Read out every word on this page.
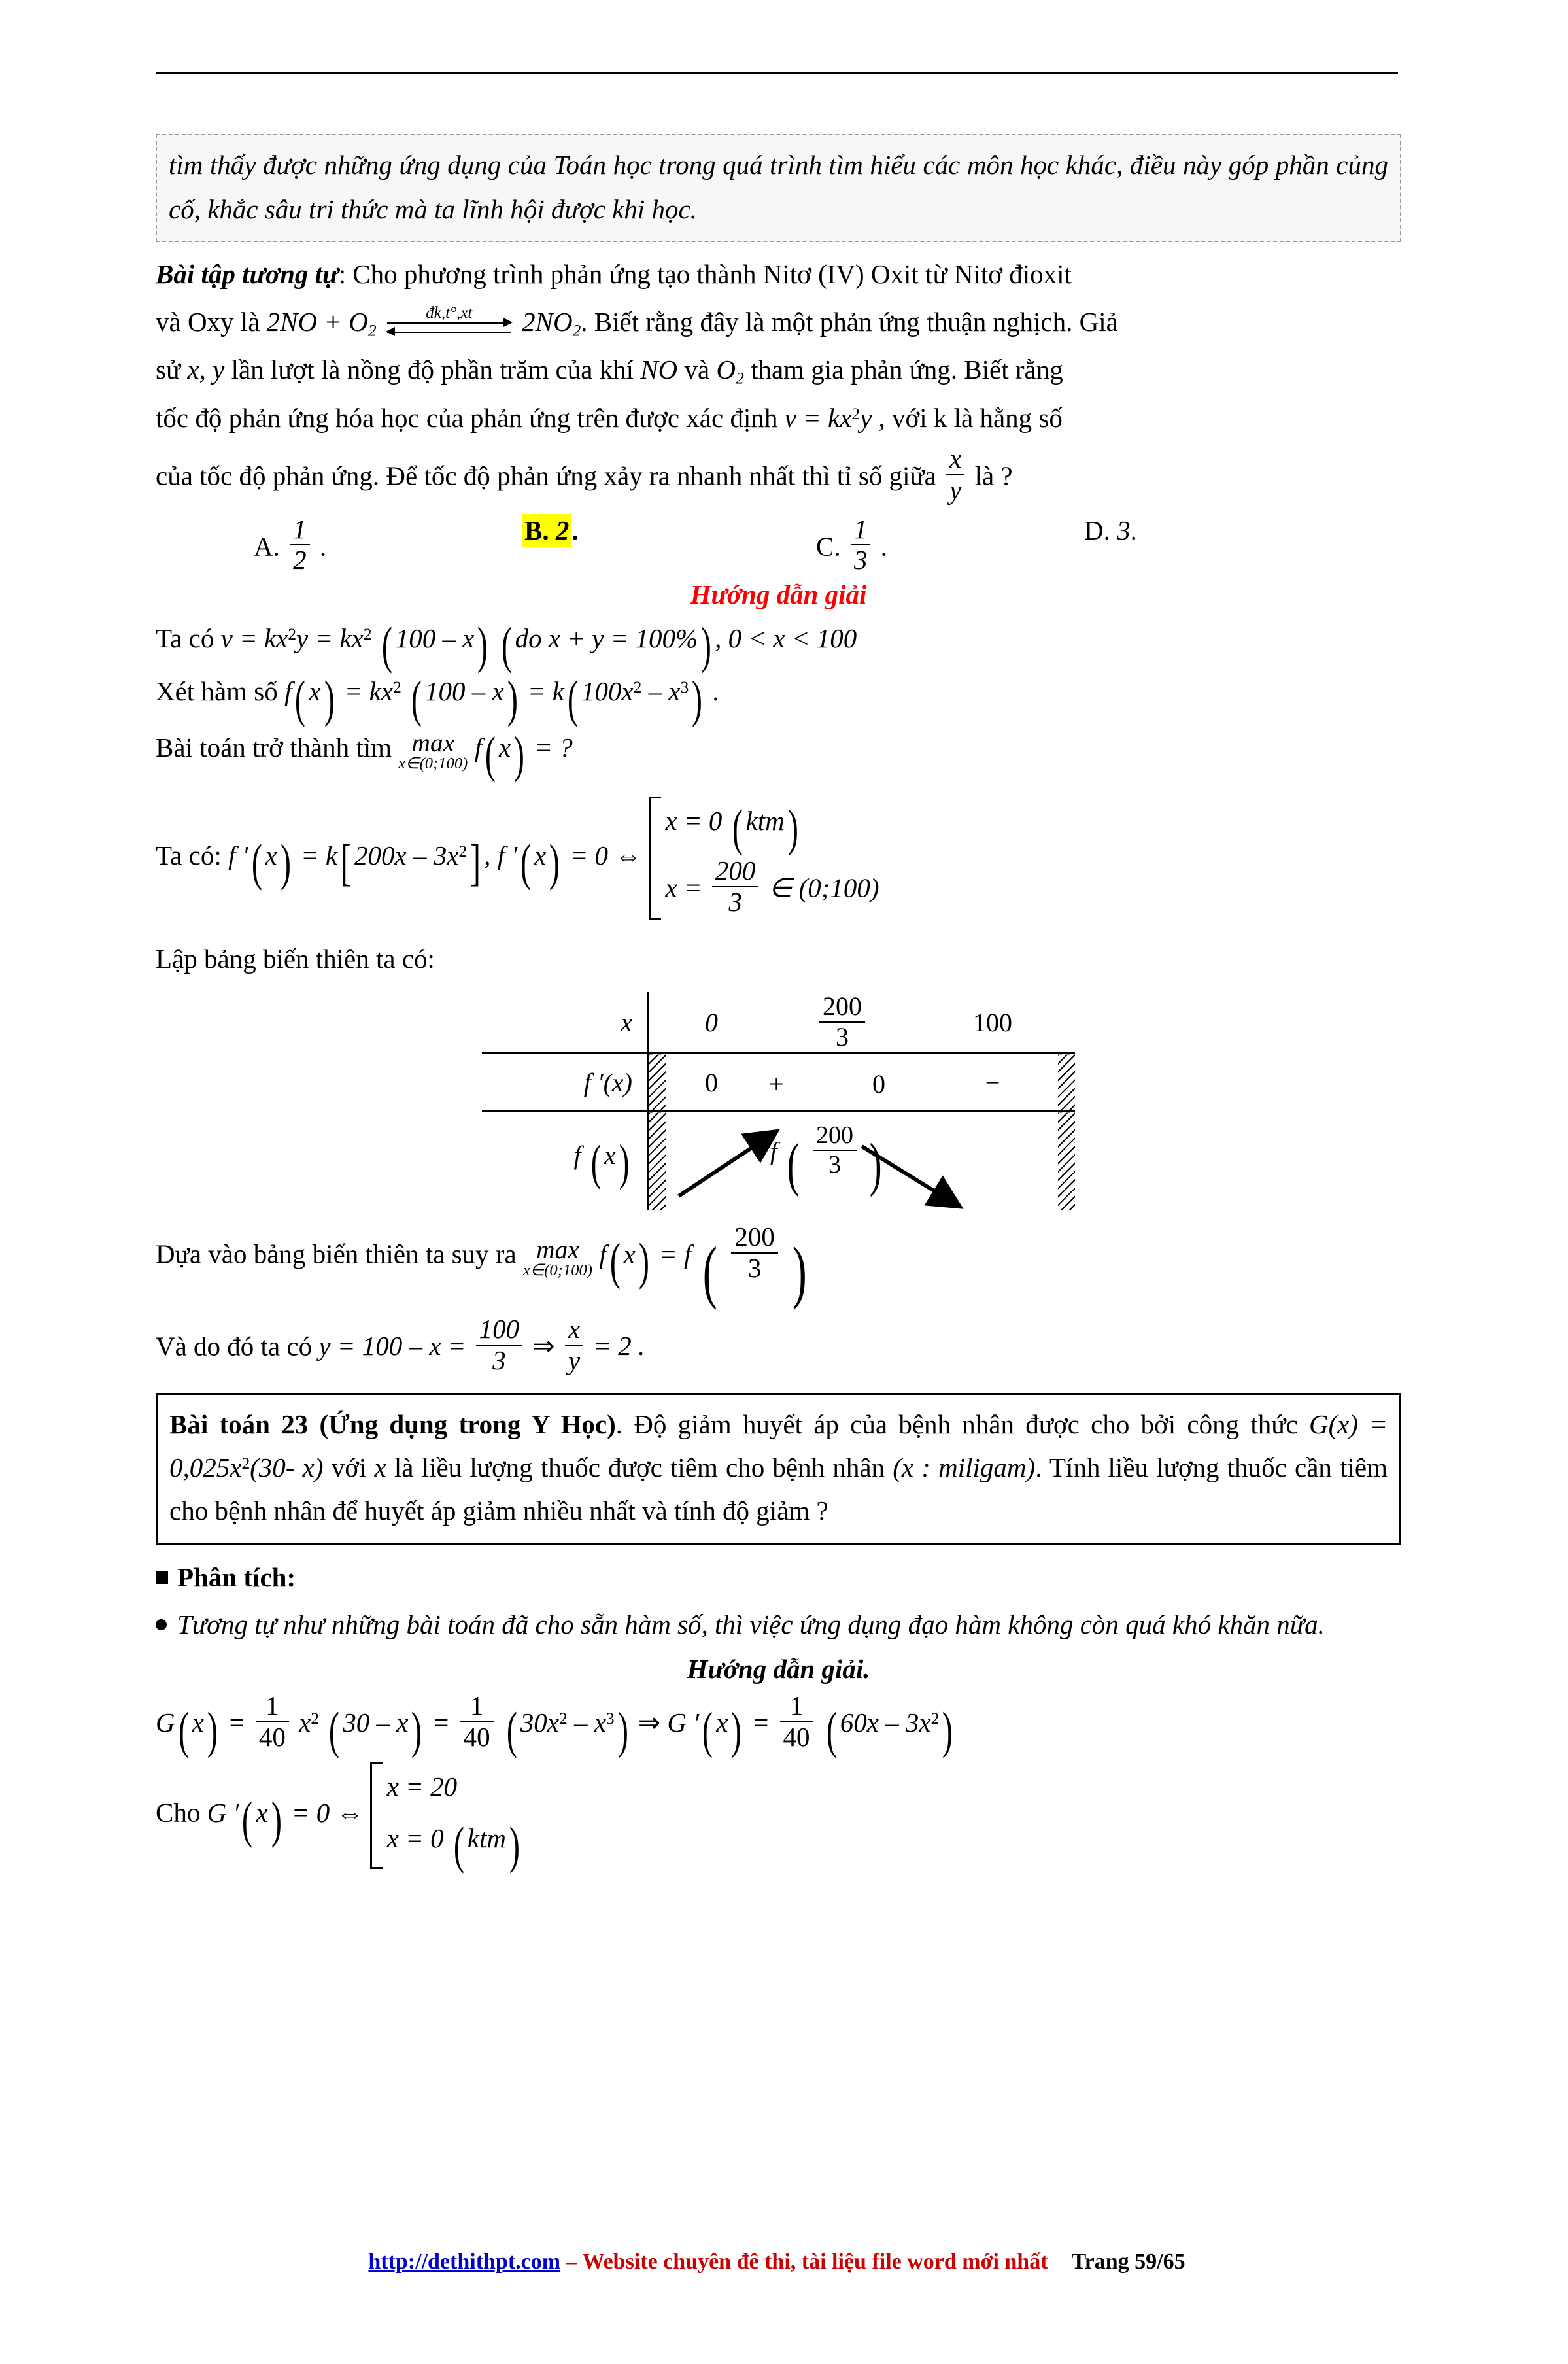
tìm thấy được những ứng dụng của Toán học trong quá trình tìm hiểu các môn học khác, điều này góp phần củng cố, khắc sâu tri thức mà ta lĩnh hội được khi học.
Bài tập tương tự: Cho phương trình phản ứng tạo thành Nitơ (IV) Oxit từ Nitơ đioxit
và Oxy là $2NO + O_2$
đk,t°,xt $2NO_2$. Biết rằng đây là một phản ứng thuận nghịch. Giả
sử x, y lần lượt là nồng độ phần trăm của khí NO và $O_2$ tham gia phản ứng. Biết rằng
tốc độ phản ứng hóa học của phản ứng trên được xác định $v = kx^2y$ , với k là hằng số
của tốc độ phản ứng. Để tốc độ phản ứng xảy ra nhanh nhất thì tỉ số giữa $\frac{x}{y}$ là ?
A. $\frac{1}{2}$ .
B. 2.
C. $\frac{1}{3}$ .
D. 3.
Hướng dẫn giải
Ta có $v = kx^2y = kx^2$ ( 100 – x) ( do x + y = 100%) , 0 < x < 100
Xét hàm số f( $x) = kx^2$ ( 100 – x) = k( $100x^2 - x^3$) .
Bài toán trở thành tìm max
x∈(0;100)
f( x) = ?
Ta có: f ′( x) = k[ $200x - 3x^2$] , f ′( x) = 0 ⇔
x = 0 ( ktm)
$x = \frac{200}{3}$ ∈ (0;100)
Lập bảng biến thiên ta có:
x		0	$\frac{200}{3}$	100	
f ′(x)		0	+ 0	−	
f ( x)		f ( $\frac{200}{3}$ )			

Dựa vào bảng biến thiên ta suy ra max
x∈(0;100)
f( x) = f ( $\frac{200}{3}$ )
Và do đó ta có $y = 100 - x = \frac{100}{3}$ ⇒ $\frac{x}{y} = 2$ .
Bài toán 23 (Ứng dụng trong Y Học). Độ giảm huyết áp của bệnh nhân được cho bởi công thức $G(x) = 0,025x^2(30-$ x) với x là liều lượng thuốc được tiêm cho bệnh nhân (x : miligam). Tính liều lượng thuốc cần tiêm cho bệnh nhân để huyết áp giảm nhiều nhất và tính độ giảm ?
Phân tích:
Tương tự như những bài toán đã cho sẵn hàm số, thì việc ứng dụng đạo hàm không còn quá khó khăn nữa.
Hướng dẫn giải.
G( $x) = \frac{1}{40} x^2$ ( $30 - x) = \frac{1}{40}$ ( $30x^2 - x^3$) ⇒ G ′( $x) = \frac{1}{40}$ ( $60x - 3x^2$)
Cho G ′( x) = 0 ⇔
x = 20
x = 0 ( ktm)
http://dethithpt.com – Website chuyên đê thi, tài liệu file word mới nhất Trang 59/65
